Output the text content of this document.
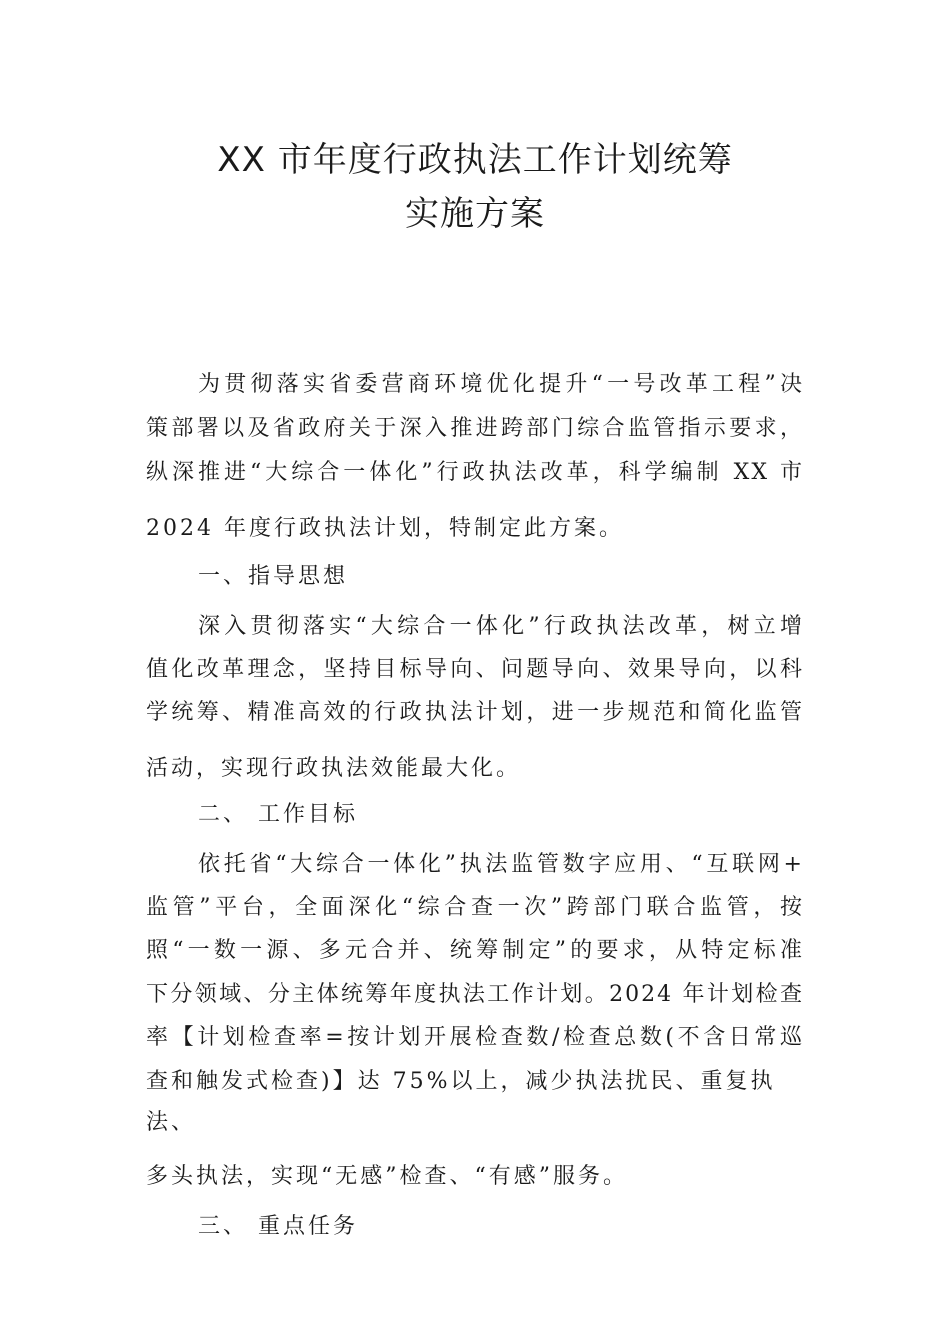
XX 市年度行政执法工作计划统筹
实施方案
为贯彻落实省委营商环境优化提升“一号改革工程”决
策部署以及省政府关于深入推进跨部门综合监管指示要求，
纵深推进“大综合一体化”行政执法改革，科学编制 XX 市
2024 年度行政执法计划，特制定此方案。
一、指导思想
深入贯彻落实“大综合一体化”行政执法改革，树立增
值化改革理念，坚持目标导向、问题导向、效果导向，以科
学统筹、精准高效的行政执法计划，进一步规范和简化监管
活动，实现行政执法效能最大化。
二、 工作目标
依托省“大综合一体化”执法监管数字应用、“互联网+
监管”平台，全面深化“综合查一次”跨部门联合监管，按
照“一数一源、多元合并、统筹制定”的要求，从特定标准
下分领域、分主体统筹年度执法工作计划。2024 年计划检查
率【计划检查率=按计划开展检查数/检查总数(不含日常巡
查和触发式检查)】达 75%以上，减少执法扰民、重复执
法、
多头执法，实现“无感”检查、“有感”服务。
三、 重点任务
